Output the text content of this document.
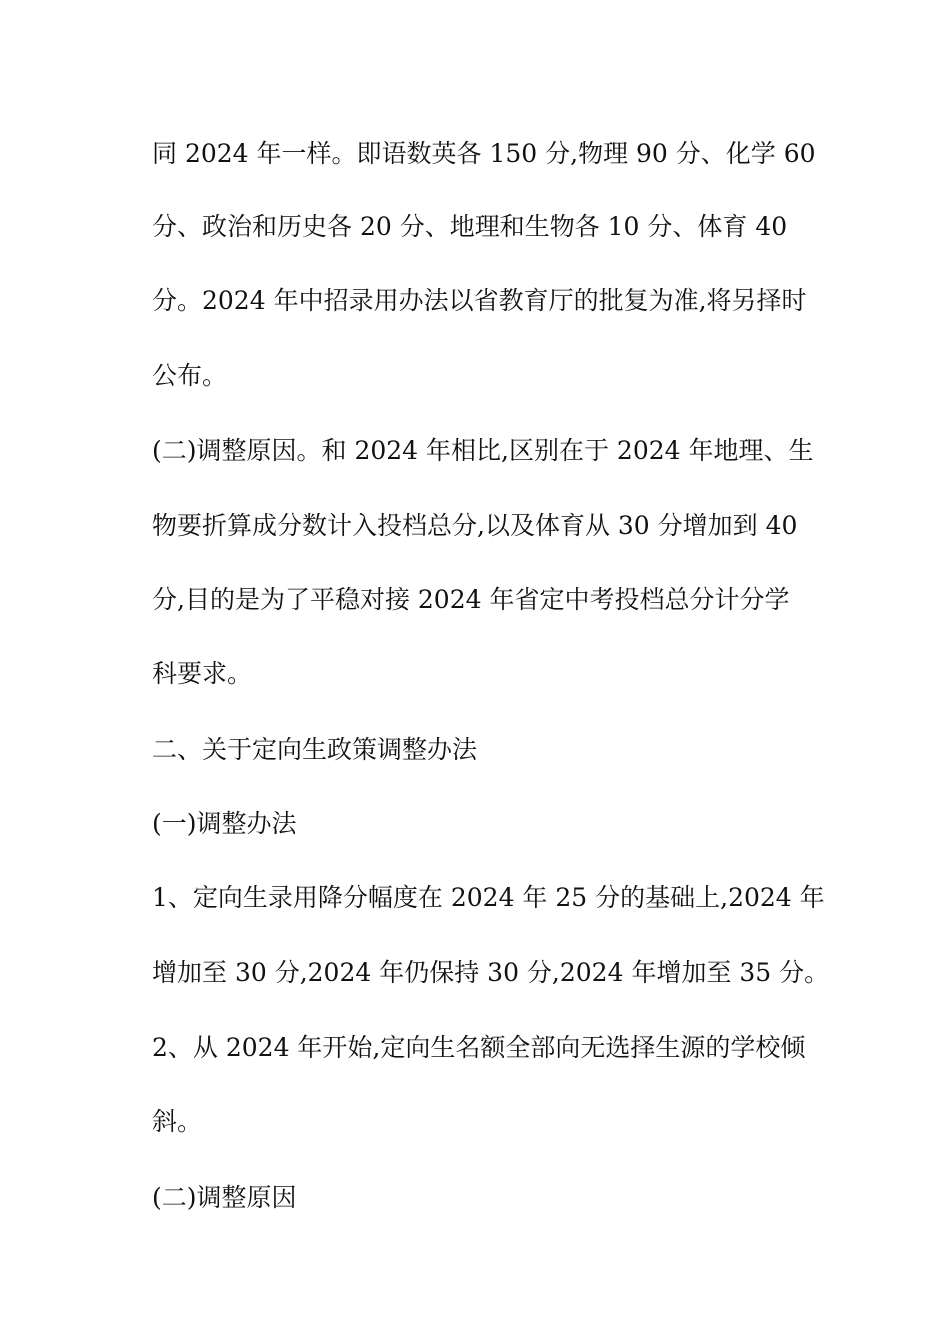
同 2024 年一样。即语数英各 150 分,物理 90 分、化学 60
分、政治和历史各 20 分、地理和生物各 10 分、体育 40
分。2024 年中招录用办法以省教育厅的批复为准,将另择时
公布。
(二)调整原因。和 2024 年相比,区别在于 2024 年地理、生
物要折算成分数计入投档总分,以及体育从 30 分增加到 40
分,目的是为了平稳对接 2024 年省定中考投档总分计分学
科要求。
二、关于定向生政策调整办法
(一)调整办法
1、定向生录用降分幅度在 2024 年 25 分的基础上,2024 年
增加至 30 分,2024 年仍保持 30 分,2024 年增加至 35 分。
2、从 2024 年开始,定向生名额全部向无选择生源的学校倾
斜。
(二)调整原因
